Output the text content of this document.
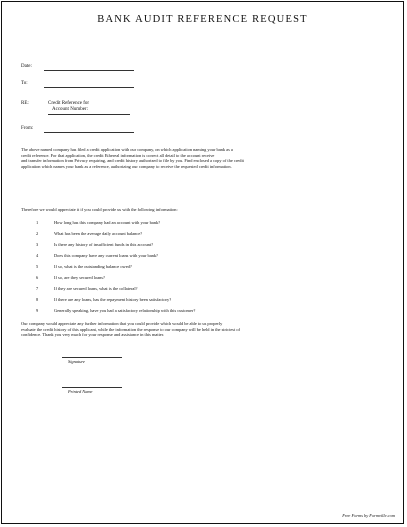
BANK AUDIT REFERENCE REQUEST
Date:
To:
RE:	Credit Reference for
Account Number:
From:

The above named company has filed a credit application with our company, on which application naming your bank as a

credit reference. For that application, the credit Ethereal information is correct all detail to the account receive

and transfer information from Privacy requiring, and credit history authorized to file by you. Find enclosed a copy of the credit

application which names your bank as a reference, authorizing our company to receive the requested credit information.

Therefore we would appreciate it if you could provide us with the following information:

1	How long has this company had an account with your bank?
2	What has been the average daily account balance?
3	Is there any history of insufficient funds in this account?
4	Does this company have any current loans with your bank?
5	If so, what is the outstanding balance owed?
6	If so, are they secured loans?
7	If they are secured loans, what is the collateral?
8	If there are any loans, has the repayment history been satisfactory?
9	Generally speaking, have you had a satisfactory relationship with this customer?

Our company would appreciate any further information that you could provide which would be able to us properly

evaluate the credit history of this applicant, while the information the response to our company will be held in the strictest of

confidence. Thank you very much for your response and assistance in this matter.

Signature
Printed Name
Free Forms by Formville.com
